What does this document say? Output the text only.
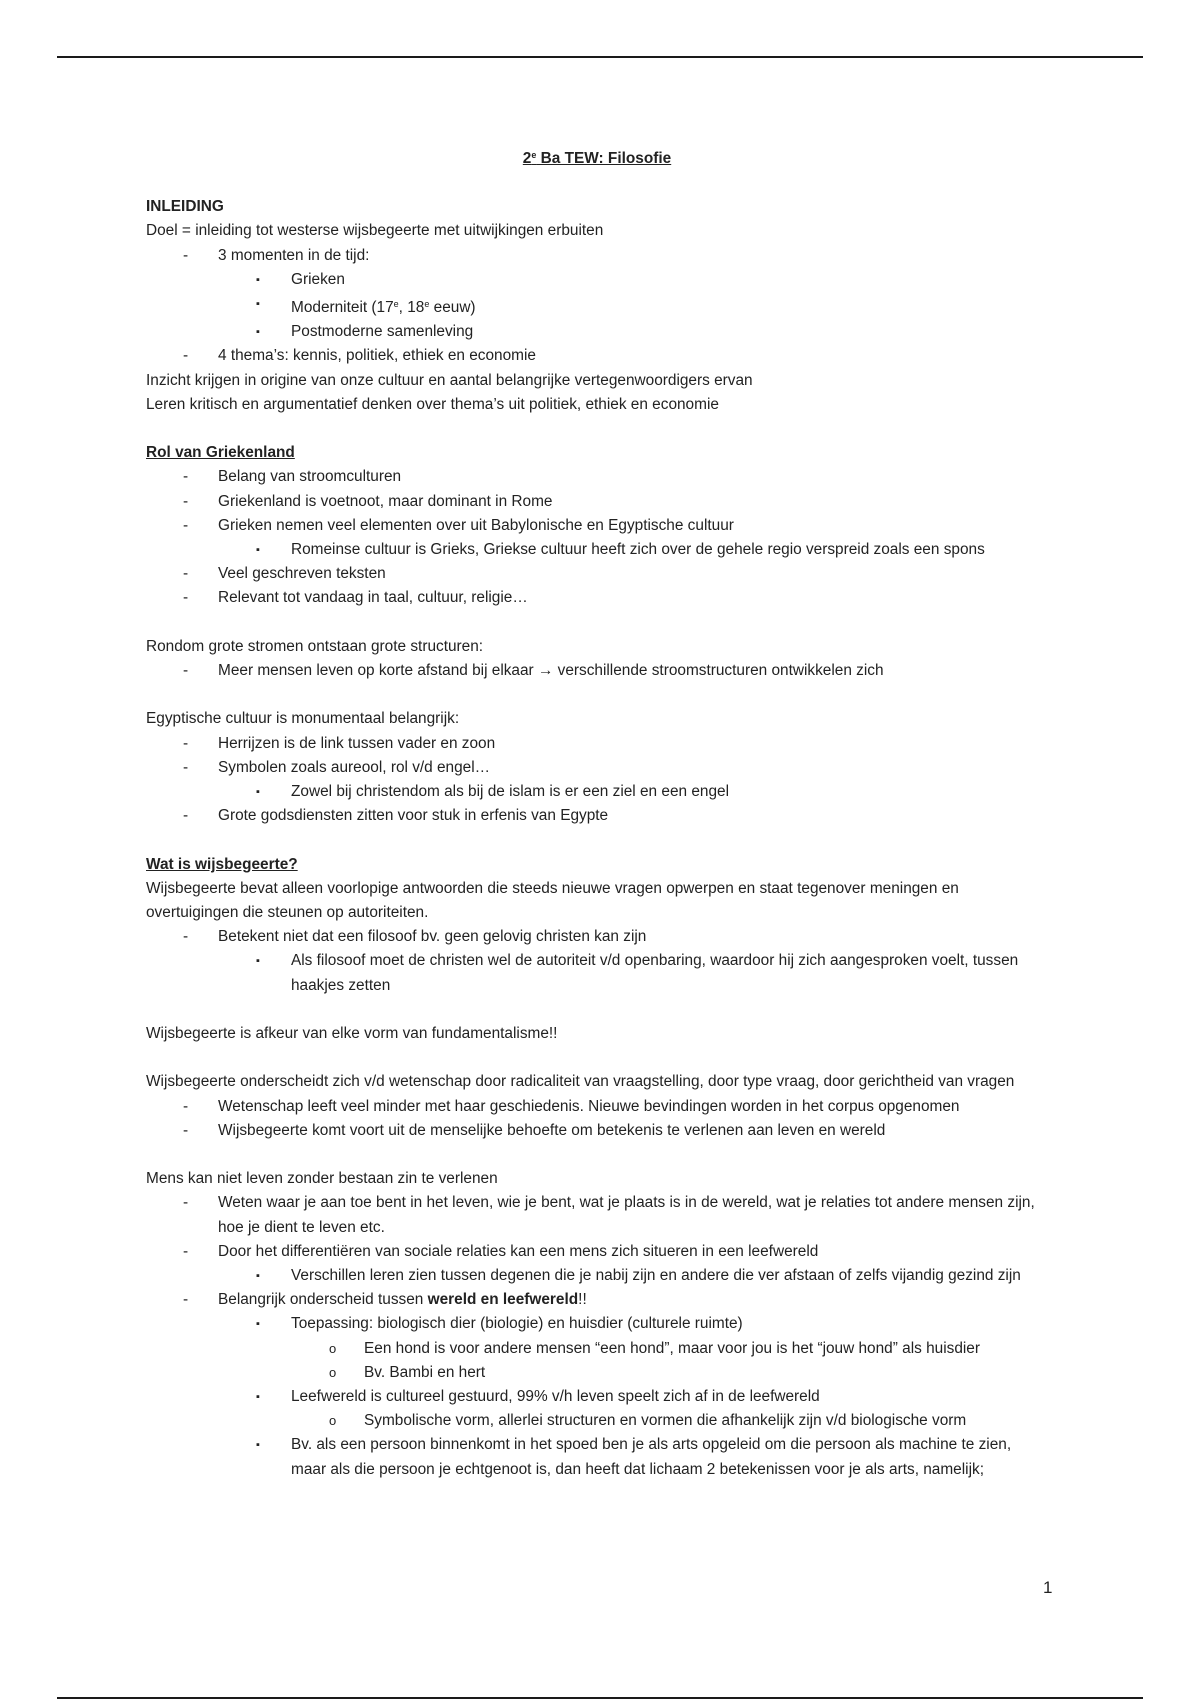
2e Ba TEW: Filosofie
INLEIDING
Doel = inleiding tot westerse wijsbegeerte met uitwijkingen erbuiten
- 3 momenten in de tijd:
▪ Grieken
▪ Moderniteit (17e, 18e eeuw)
▪ Postmoderne samenleving
- 4 thema’s: kennis, politiek, ethiek en economie
Inzicht krijgen in origine van onze cultuur en aantal belangrijke vertegenwoordigers ervan
Leren kritisch en argumentatief denken over thema’s uit politiek, ethiek en economie
Rol van Griekenland
- Belang van stroomculturen
- Griekenland is voetnoot, maar dominant in Rome
- Grieken nemen veel elementen over uit Babylonische en Egyptische cultuur
▪ Romeinse cultuur is Grieks, Griekse cultuur heeft zich over de gehele regio verspreid zoals een spons
- Veel geschreven teksten
- Relevant tot vandaag in taal, cultuur, religie…
Rondom grote stromen ontstaan grote structuren:
- Meer mensen leven op korte afstand bij elkaar → verschillende stroomstructuren ontwikkelen zich
Egyptische cultuur is monumentaal belangrijk:
- Herrijzen is de link tussen vader en zoon
- Symbolen zoals aureool, rol v/d engel…
▪ Zowel bij christendom als bij de islam is er een ziel en een engel
- Grote godsdiensten zitten voor stuk in erfenis van Egypte
Wat is wijsbegeerte?
Wijsbegeerte bevat alleen voorlopige antwoorden die steeds nieuwe vragen opwerpen en staat tegenover meningen en overtuigingen die steunen op autoriteiten.
- Betekent niet dat een filosoof bv. geen gelovig christen kan zijn
▪ Als filosoof moet de christen wel de autoriteit v/d openbaring, waardoor hij zich aangesproken voelt, tussen haakjes zetten
Wijsbegeerte is afkeur van elke vorm van fundamentalisme!!
Wijsbegeerte onderscheidt zich v/d wetenschap door radicaliteit van vraagstelling, door type vraag, door gerichtheid van vragen
- Wetenschap leeft veel minder met haar geschiedenis. Nieuwe bevindingen worden in het corpus opgenomen
- Wijsbegeerte komt voort uit de menselijke behoefte om betekenis te verlenen aan leven en wereld
Mens kan niet leven zonder bestaan zin te verlenen
- Weten waar je aan toe bent in het leven, wie je bent, wat je plaats is in de wereld, wat je relaties tot andere mensen zijn, hoe je dient te leven etc.
- Door het differentiëren van sociale relaties kan een mens zich situeren in een leefwereld
▪ Verschillen leren zien tussen degenen die je nabij zijn en andere die ver afstaan of zelfs vijandig gezind zijn
- Belangrijk onderscheid tussen wereld en leefwereld!!
▪ Toepassing: biologisch dier (biologie) en huisdier (culturele ruimte)
o Een hond is voor andere mensen “een hond”, maar voor jou is het “jouw hond” als huisdier
o Bv. Bambi en hert
▪ Leefwereld is cultureel gestuurd, 99% v/h leven speelt zich af in de leefwereld
o Symbolische vorm, allerlei structuren en vormen die afhankelijk zijn v/d biologische vorm
▪ Bv. als een persoon binnenkomt in het spoed ben je als arts opgeleid om die persoon als machine te zien, maar als die persoon je echtgenoot is, dan heeft dat lichaam 2 betekenissen voor je als arts, namelijk;
1
